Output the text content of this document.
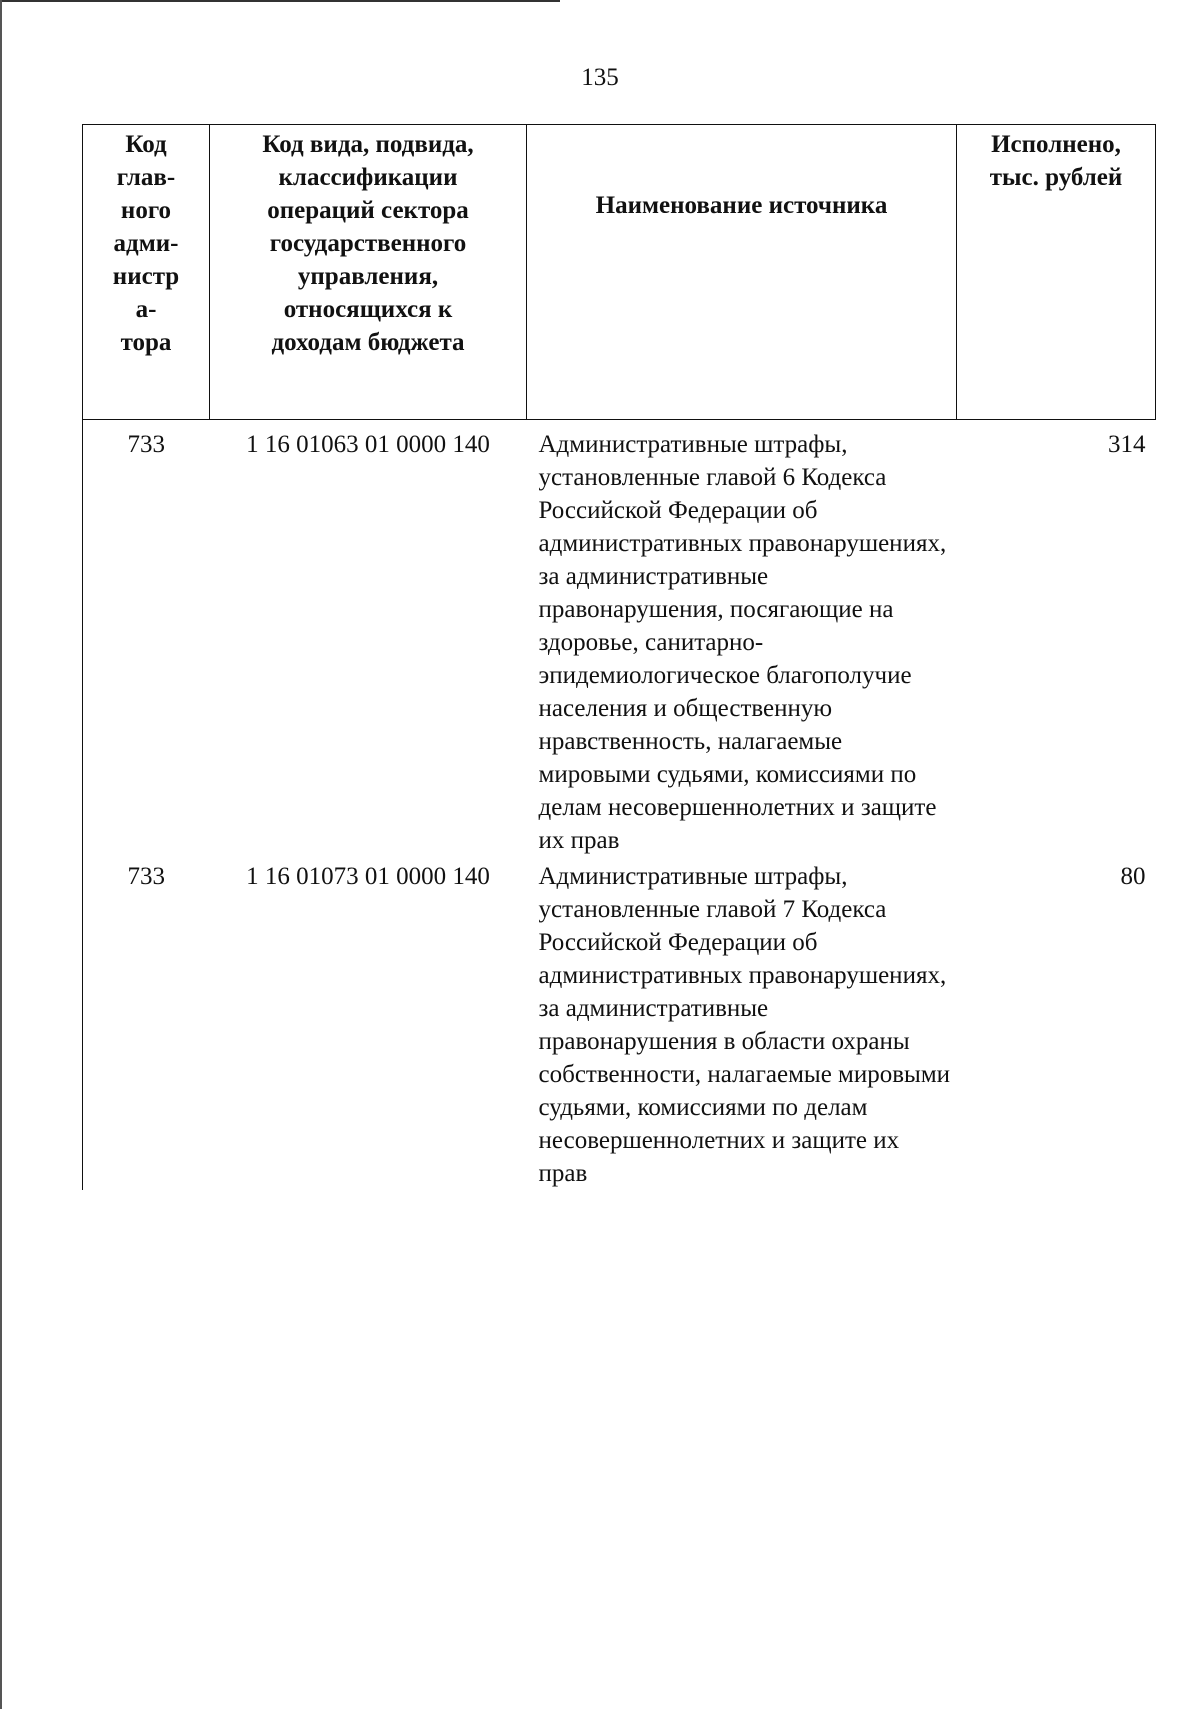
135
Код глав-ного адми-нистра-тора	Код вида, подвида, классификации операций сектора государственного управления, относящихся к доходам бюджета	Наименование источника	Исполнено, тыс. рублей
733	1 16 01063 01 0000 140	Административные штрафы, установленные главой 6 Кодекса Российской Федерации об административных правонарушениях, за административные правонарушения, посягающие на здоровье, санитарно-эпидемиологическое благополучие населения и общественную нравственность, налагаемые мировыми судьями, комиссиями по делам несовершеннолетних и защите их прав	314
733	1 16 01073 01 0000 140	Административные штрафы, установленные главой 7 Кодекса Российской Федерации об административных правонарушениях, за административные правонарушения в области охраны собственности, налагаемые мировыми судьями, комиссиями по делам несовершеннолетних и защите их прав	80
